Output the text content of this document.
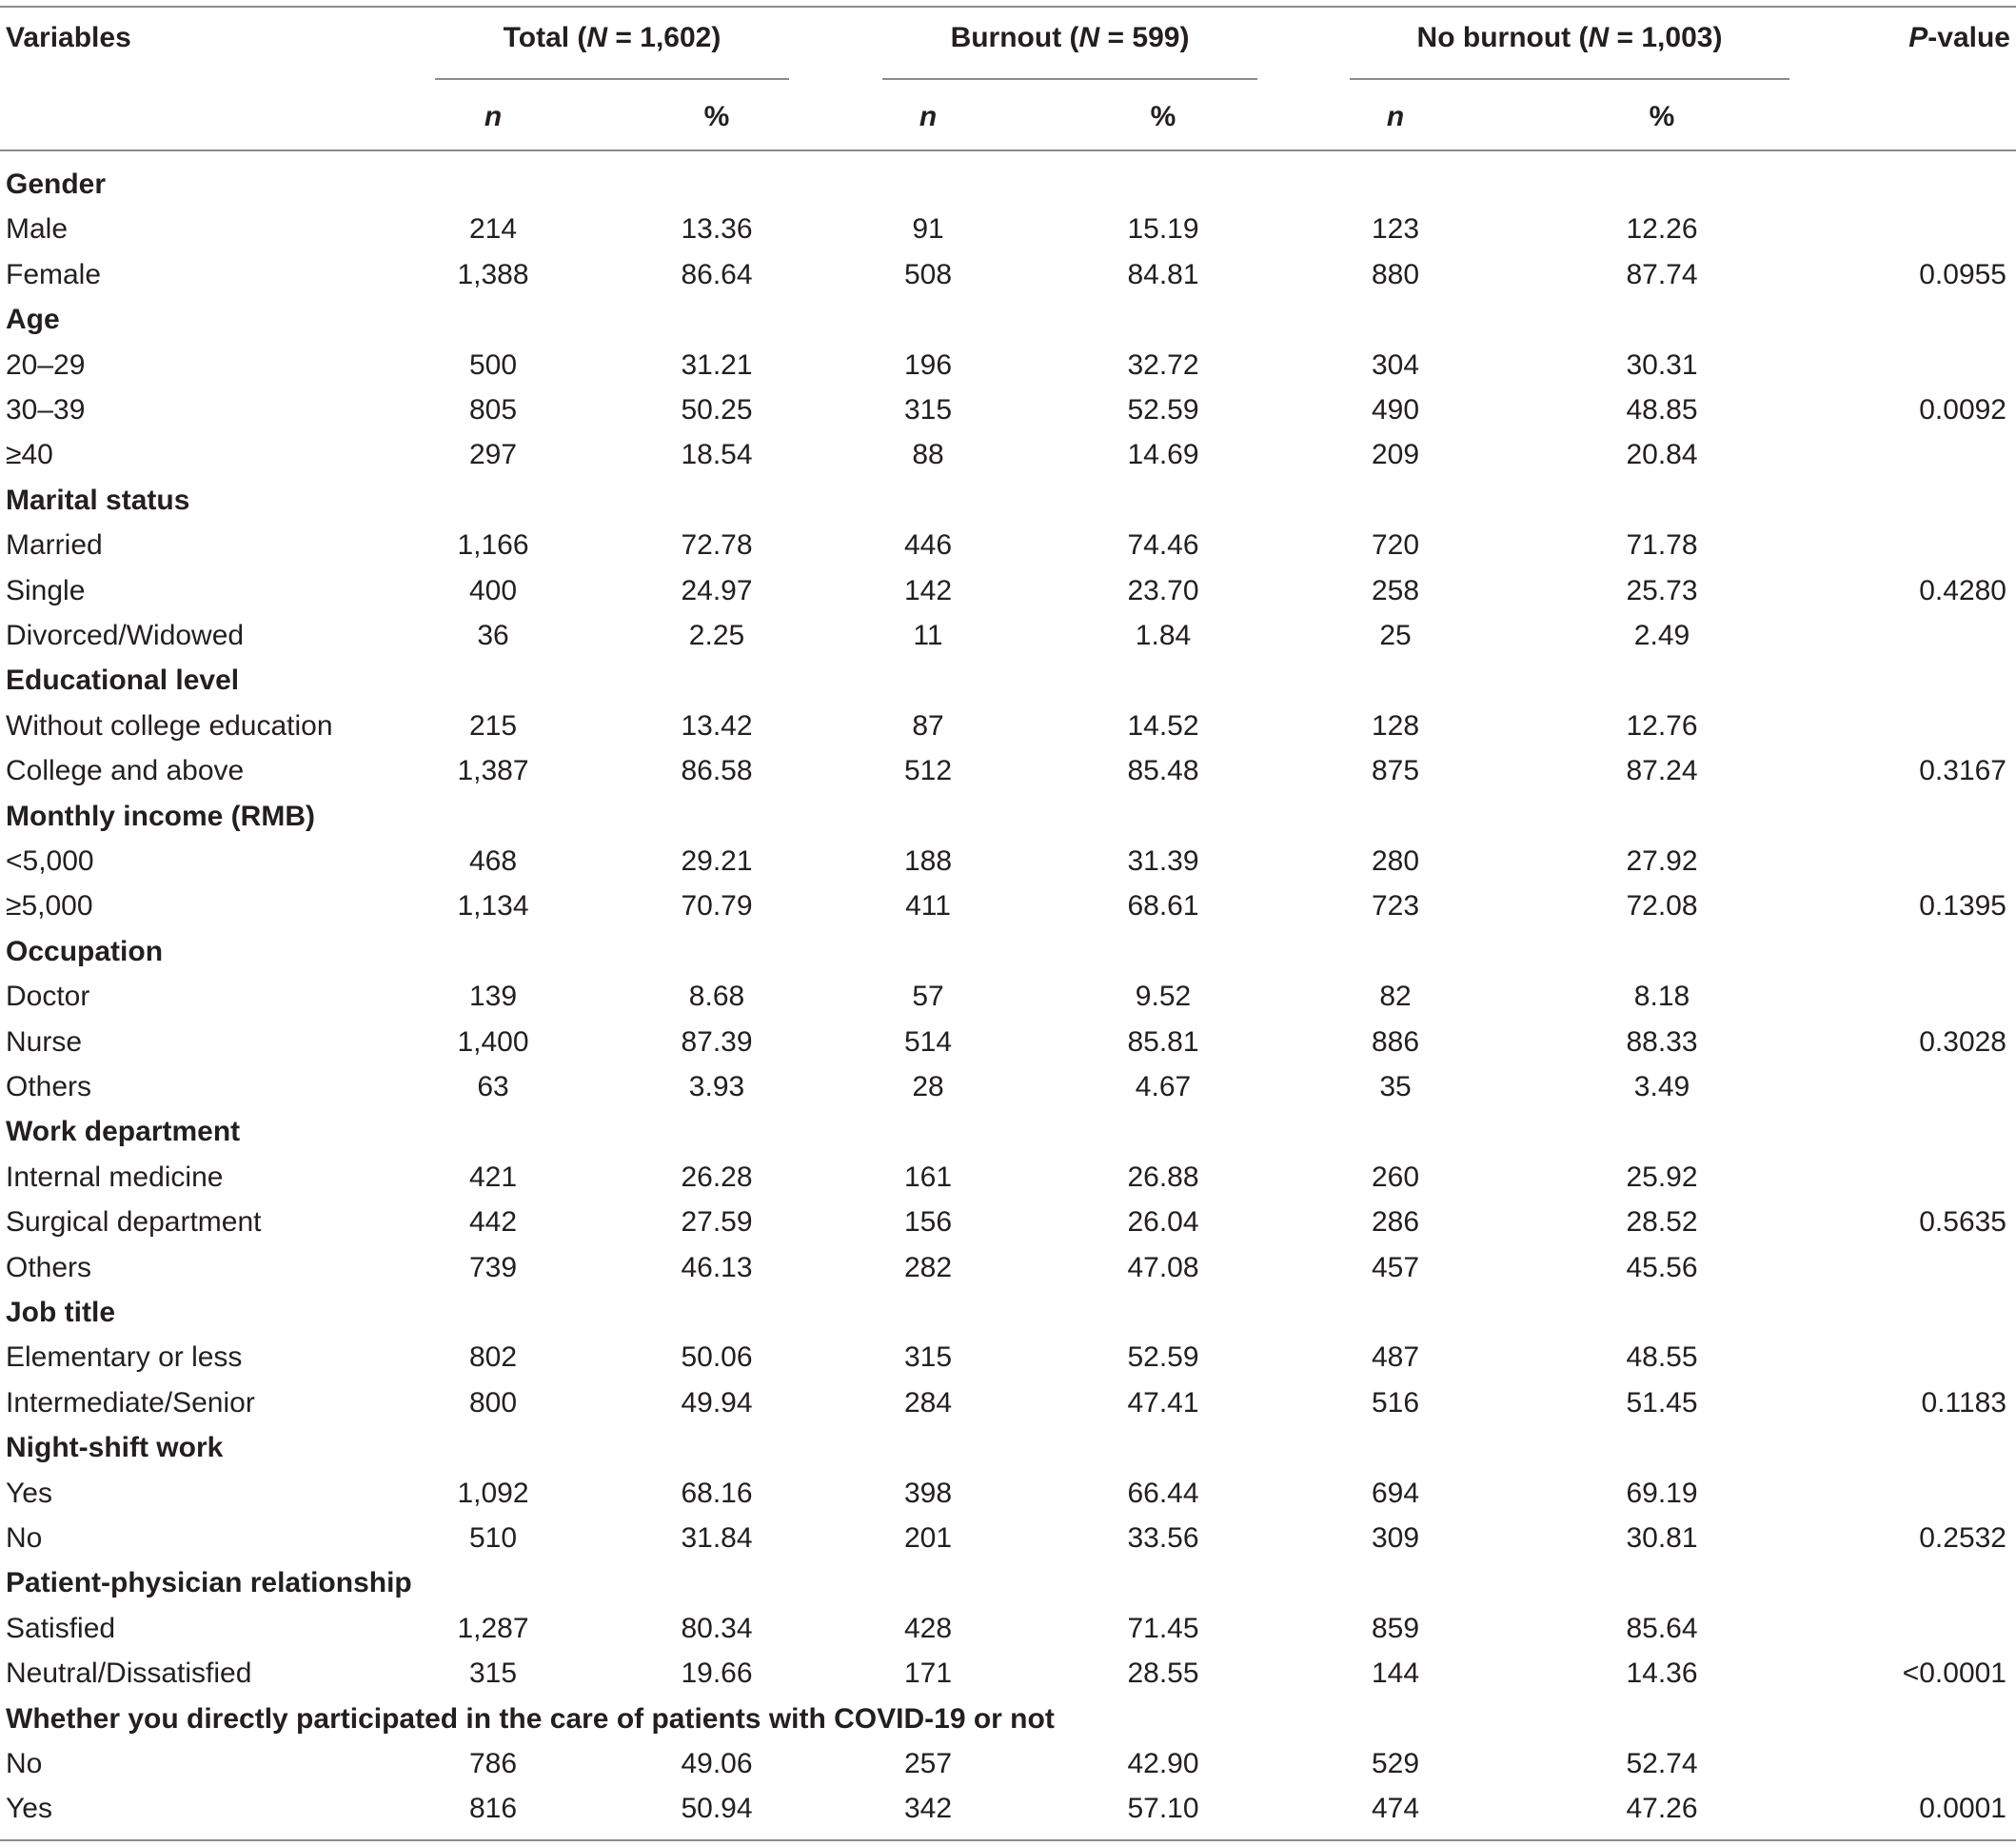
Variables	Total (N = 1,602)	Burnout (N = 599)	No burnout (N = 1,003)	P-value
n	%	n	%	n	%
Gender
Male	214	13.36	91	15.19	123	12.26
Female	1,388	86.64	508	84.81	880	87.74	0.0955
Age
20–29	500	31.21	196	32.72	304	30.31
30–39	805	50.25	315	52.59	490	48.85	0.0092
≥40	297	18.54	88	14.69	209	20.84
Marital status
Married	1,166	72.78	446	74.46	720	71.78
Single	400	24.97	142	23.70	258	25.73	0.4280
Divorced/Widowed	36	2.25	11	1.84	25	2.49
Educational level
Without college education	215	13.42	87	14.52	128	12.76
College and above	1,387	86.58	512	85.48	875	87.24	0.3167
Monthly income (RMB)
<5,000	468	29.21	188	31.39	280	27.92
≥5,000	1,134	70.79	411	68.61	723	72.08	0.1395
Occupation
Doctor	139	8.68	57	9.52	82	8.18
Nurse	1,400	87.39	514	85.81	886	88.33	0.3028
Others	63	3.93	28	4.67	35	3.49
Work department
Internal medicine	421	26.28	161	26.88	260	25.92
Surgical department	442	27.59	156	26.04	286	28.52	0.5635
Others	739	46.13	282	47.08	457	45.56
Job title
Elementary or less	802	50.06	315	52.59	487	48.55
Intermediate/Senior	800	49.94	284	47.41	516	51.45	0.1183
Night-shift work
Yes	1,092	68.16	398	66.44	694	69.19
No	510	31.84	201	33.56	309	30.81	0.2532
Patient-physician relationship
Satisfied	1,287	80.34	428	71.45	859	85.64
Neutral/Dissatisfied	315	19.66	171	28.55	144	14.36	<0.0001
Whether you directly participated in the care of patients with COVID-19 or not
No	786	49.06	257	42.90	529	52.74
Yes	816	50.94	342	57.10	474	47.26	0.0001
